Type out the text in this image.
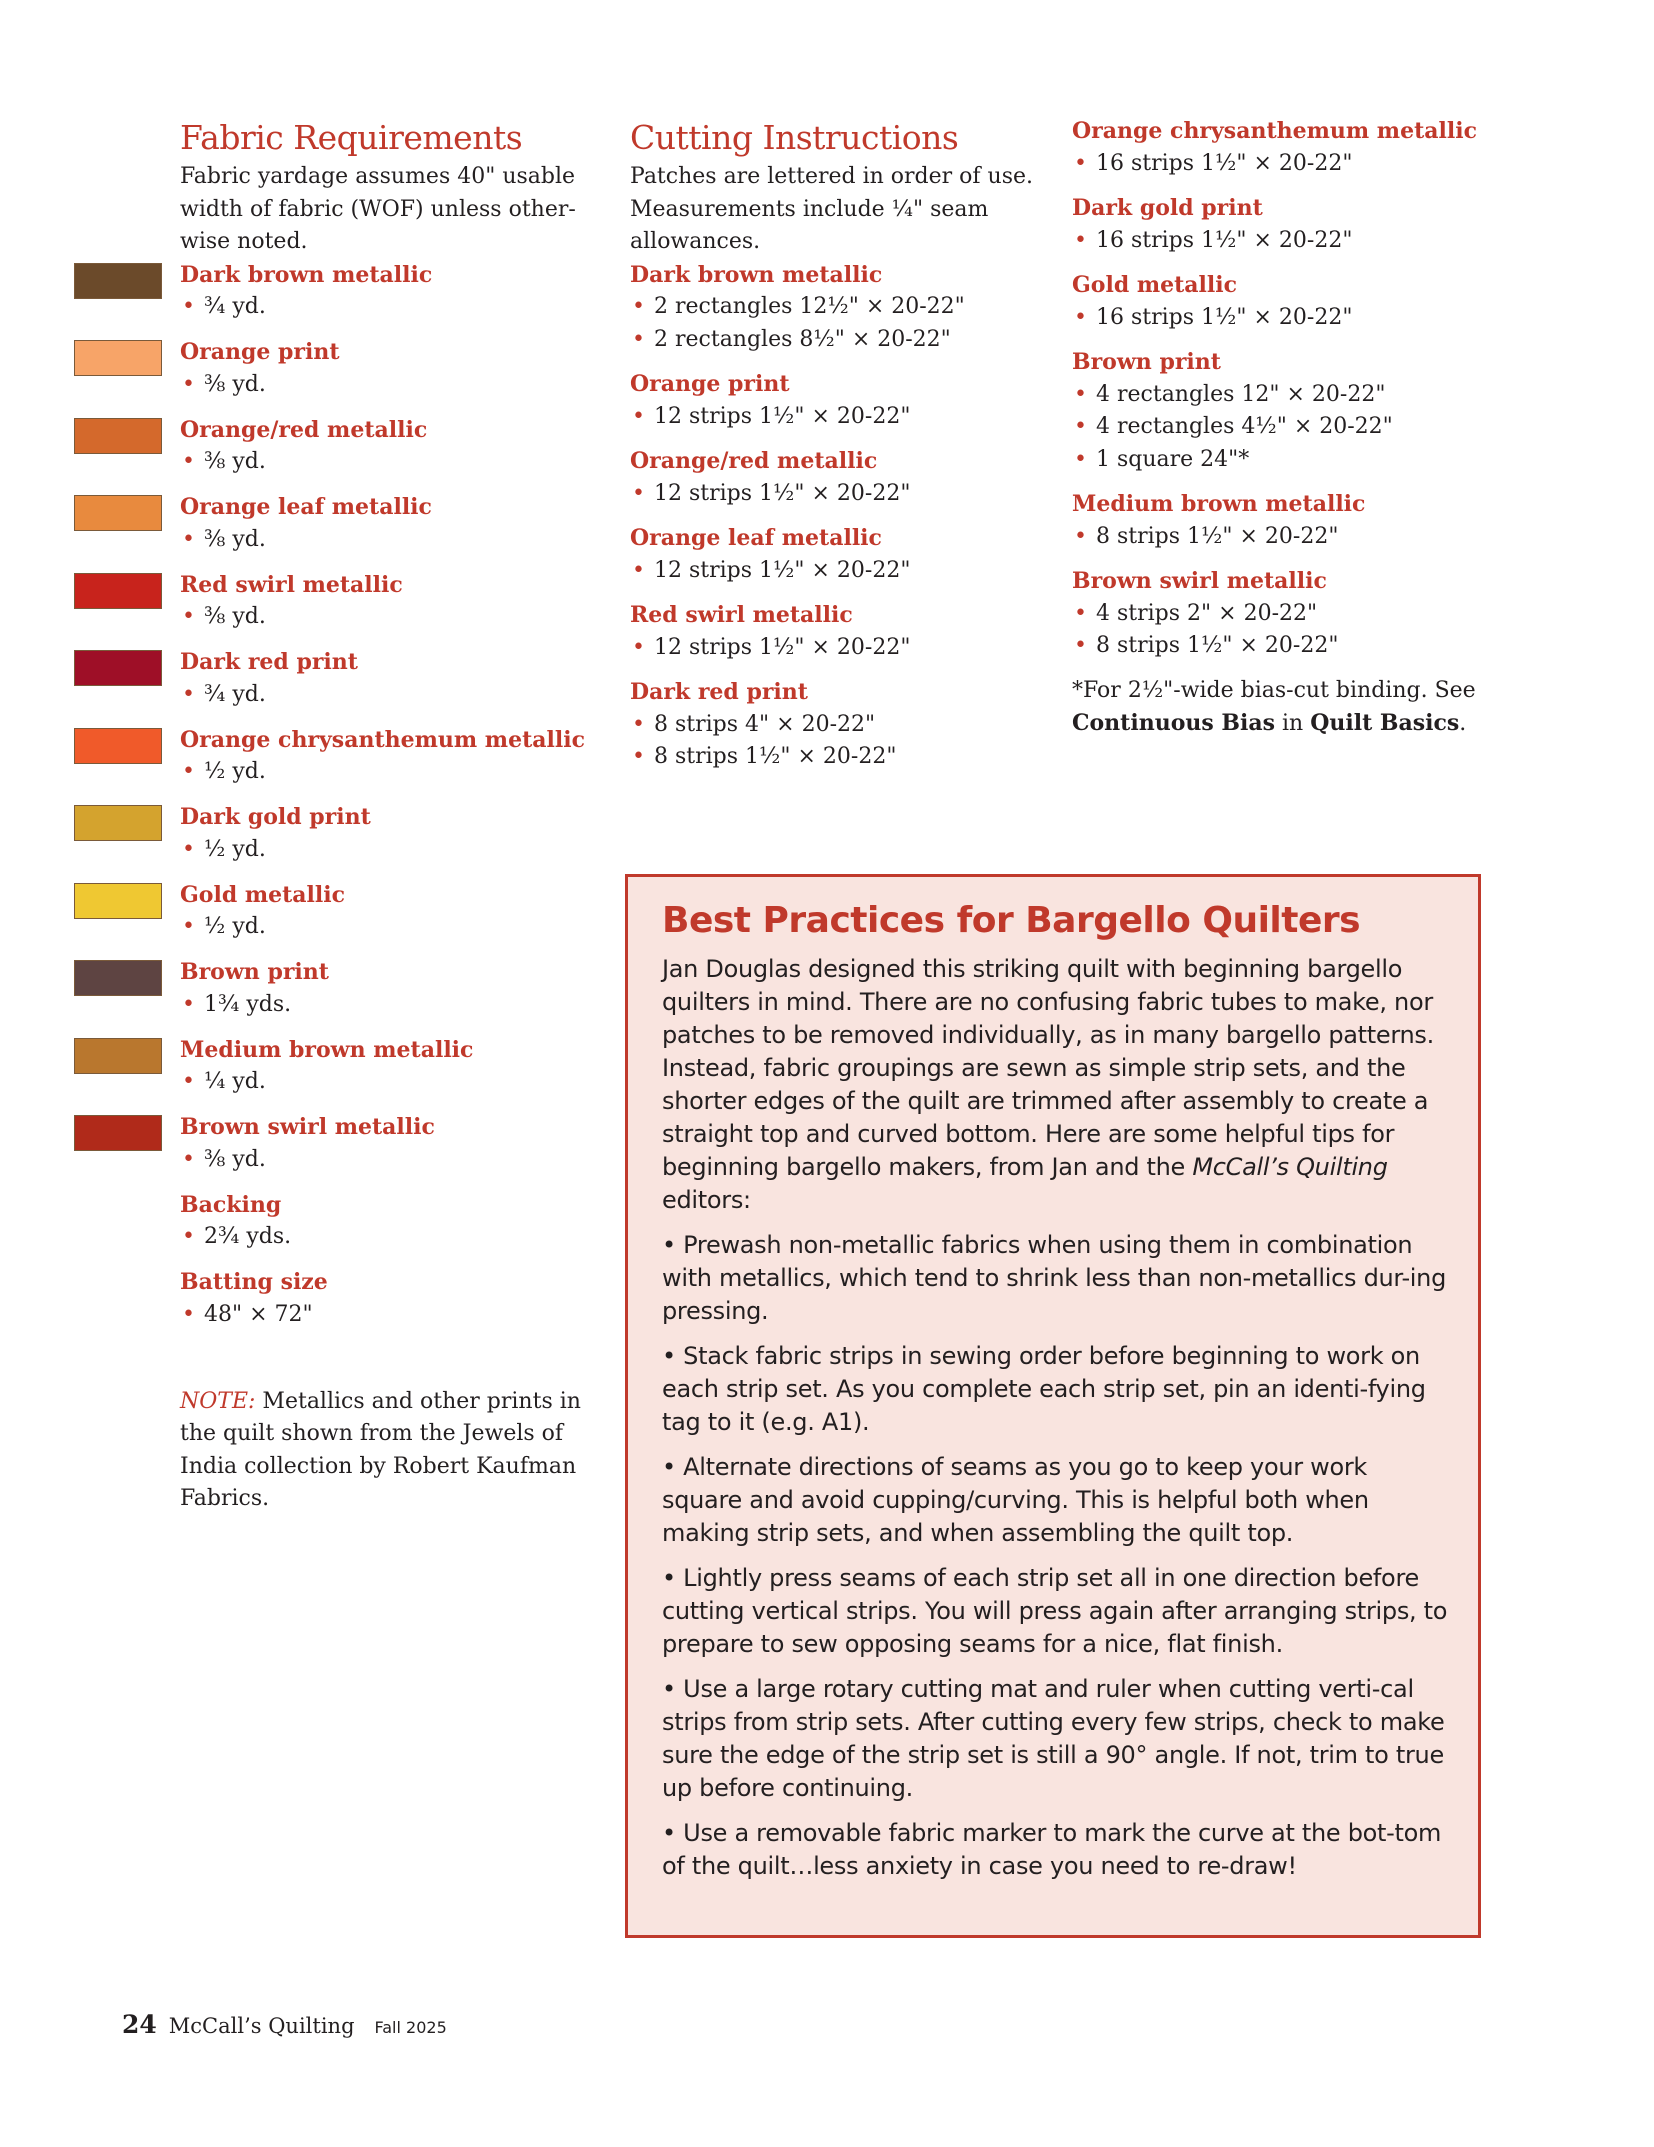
Fabric Requirements

Fabric yardage assumes 40" usable width of fabric (WOF) unless other-wise noted.

Dark brown metallic

• ¾ yd.

Orange print

• ⅜ yd.

Orange/red metallic

• ⅜ yd.

Orange leaf metallic

• ⅜ yd.

Red swirl metallic

• ⅜ yd.

Dark red print

• ¾ yd.

Orange chrysanthemum metallic

• ½ yd.

Dark gold print

• ½ yd.

Gold metallic

• ½ yd.

Brown print

• 1¾ yds.

Medium brown metallic

• ¼ yd.

Brown swirl metallic

• ⅜ yd.

Backing

• 2¾ yds.

Batting size

• 48" × 72"

NOTE: Metallics and other prints in the quilt shown from the Jewels of India collection by Robert Kaufman Fabrics.

Cutting Instructions

Patches are lettered in order of use. Measurements include ¼" seam allowances.

Dark brown metallic

• 2 rectangles 12½" × 20-22"

• 2 rectangles 8½" × 20-22"

Orange print

• 12 strips 1½" × 20-22"

Orange/red metallic

• 12 strips 1½" × 20-22"

Orange leaf metallic

• 12 strips 1½" × 20-22"

Red swirl metallic

• 12 strips 1½" × 20-22"

Dark red print

• 8 strips 4" × 20-22"

• 8 strips 1½" × 20-22"

Orange chrysanthemum metallic

• 16 strips 1½" × 20-22"

Dark gold print

• 16 strips 1½" × 20-22"

Gold metallic

• 16 strips 1½" × 20-22"

Brown print

• 4 rectangles 12" × 20-22"

• 4 rectangles 4½" × 20-22"

• 1 square 24"*

Medium brown metallic

• 8 strips 1½" × 20-22"

Brown swirl metallic

• 4 strips 2" × 20-22"

• 8 strips 1½" × 20-22"

*For 2½"-wide bias-cut binding. See Continuous Bias in Quilt Basics.

Best Practices for Bargello Quilters

Jan Douglas designed this striking quilt with beginning bargello quilters in mind. There are no confusing fabric tubes to make, nor patches to be removed individually, as in many bargello patterns. Instead, fabric groupings are sewn as simple strip sets, and the shorter edges of the quilt are trimmed after assembly to create a straight top and curved bottom. Here are some helpful tips for beginning bargello makers, from Jan and the McCall’s Quilting editors:

• Prewash non-metallic fabrics when using them in combination with metallics, which tend to shrink less than non-metallics dur-ing pressing.

• Stack fabric strips in sewing order before beginning to work on each strip set. As you complete each strip set, pin an identi-fying tag to it (e.g. A1).

• Alternate directions of seams as you go to keep your work square and avoid cupping/curving. This is helpful both when making strip sets, and when assembling the quilt top.

• Lightly press seams of each strip set all in one direction before cutting vertical strips. You will press again after arranging strips, to prepare to sew opposing seams for a nice, flat finish.

• Use a large rotary cutting mat and ruler when cutting verti-cal strips from strip sets. After cutting every few strips, check to make sure the edge of the strip set is still a 90° angle. If not, trim to true up before continuing.

• Use a removable fabric marker to mark the curve at the bot-tom of the quilt…less anxiety in case you need to re-draw!

24 McCall’s Quilting Fall 2025
